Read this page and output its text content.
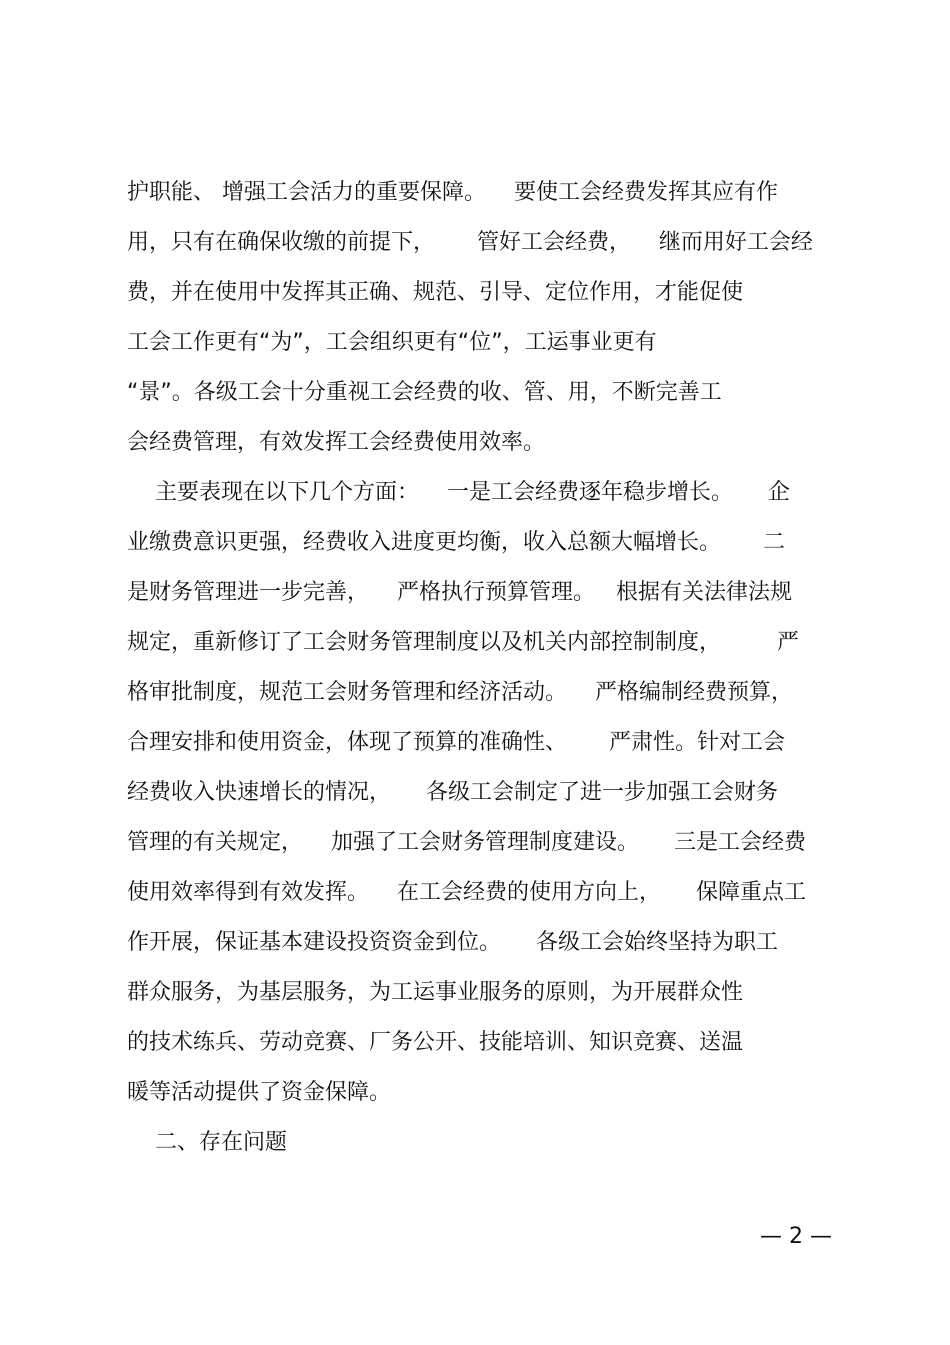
护职能、 增强工会活力的重要保障。    要使工会经费发挥其应有作
用，只有在确保收缴的前提下，      管好工会经费，    继而用好工会经
费，并在使用中发挥其正确、规范、引导、定位作用，才能促使
工会工作更有“为”，工会组织更有“位”，工运事业更有
“景”。各级工会十分重视工会经费的收、管、用，不断完善工
会经费管理，有效发挥工会经费使用效率。
主要表现在以下几个方面：    一是工会经费逐年稳步增长。     企
业缴费意识更强，经费收入进度更均衡，收入总额大幅增长。      二
是财务管理进一步完善，    严格执行预算管理。   根据有关法律法规
规定，重新修订了工会财务管理制度以及机关内部控制制度，        严
格审批制度，规范工会财务管理和经济活动。    严格编制经费预算，
合理安排和使用资金，体现了预算的准确性、      严肃性。针对工会
经费收入快速增长的情况，     各级工会制定了进一步加强工会财务
管理的有关规定，    加强了工会财务管理制度建设。     三是工会经费
使用效率得到有效发挥。    在工会经费的使用方向上，     保障重点工
作开展，保证基本建设投资资金到位。     各级工会始终坚持为职工
群众服务，为基层服务，为工运事业服务的原则，为开展群众性
的技术练兵、劳动竞赛、厂务公开、技能培训、知识竞赛、送温
暖等活动提供了资金保障。
二、存在问题
— 2 —
